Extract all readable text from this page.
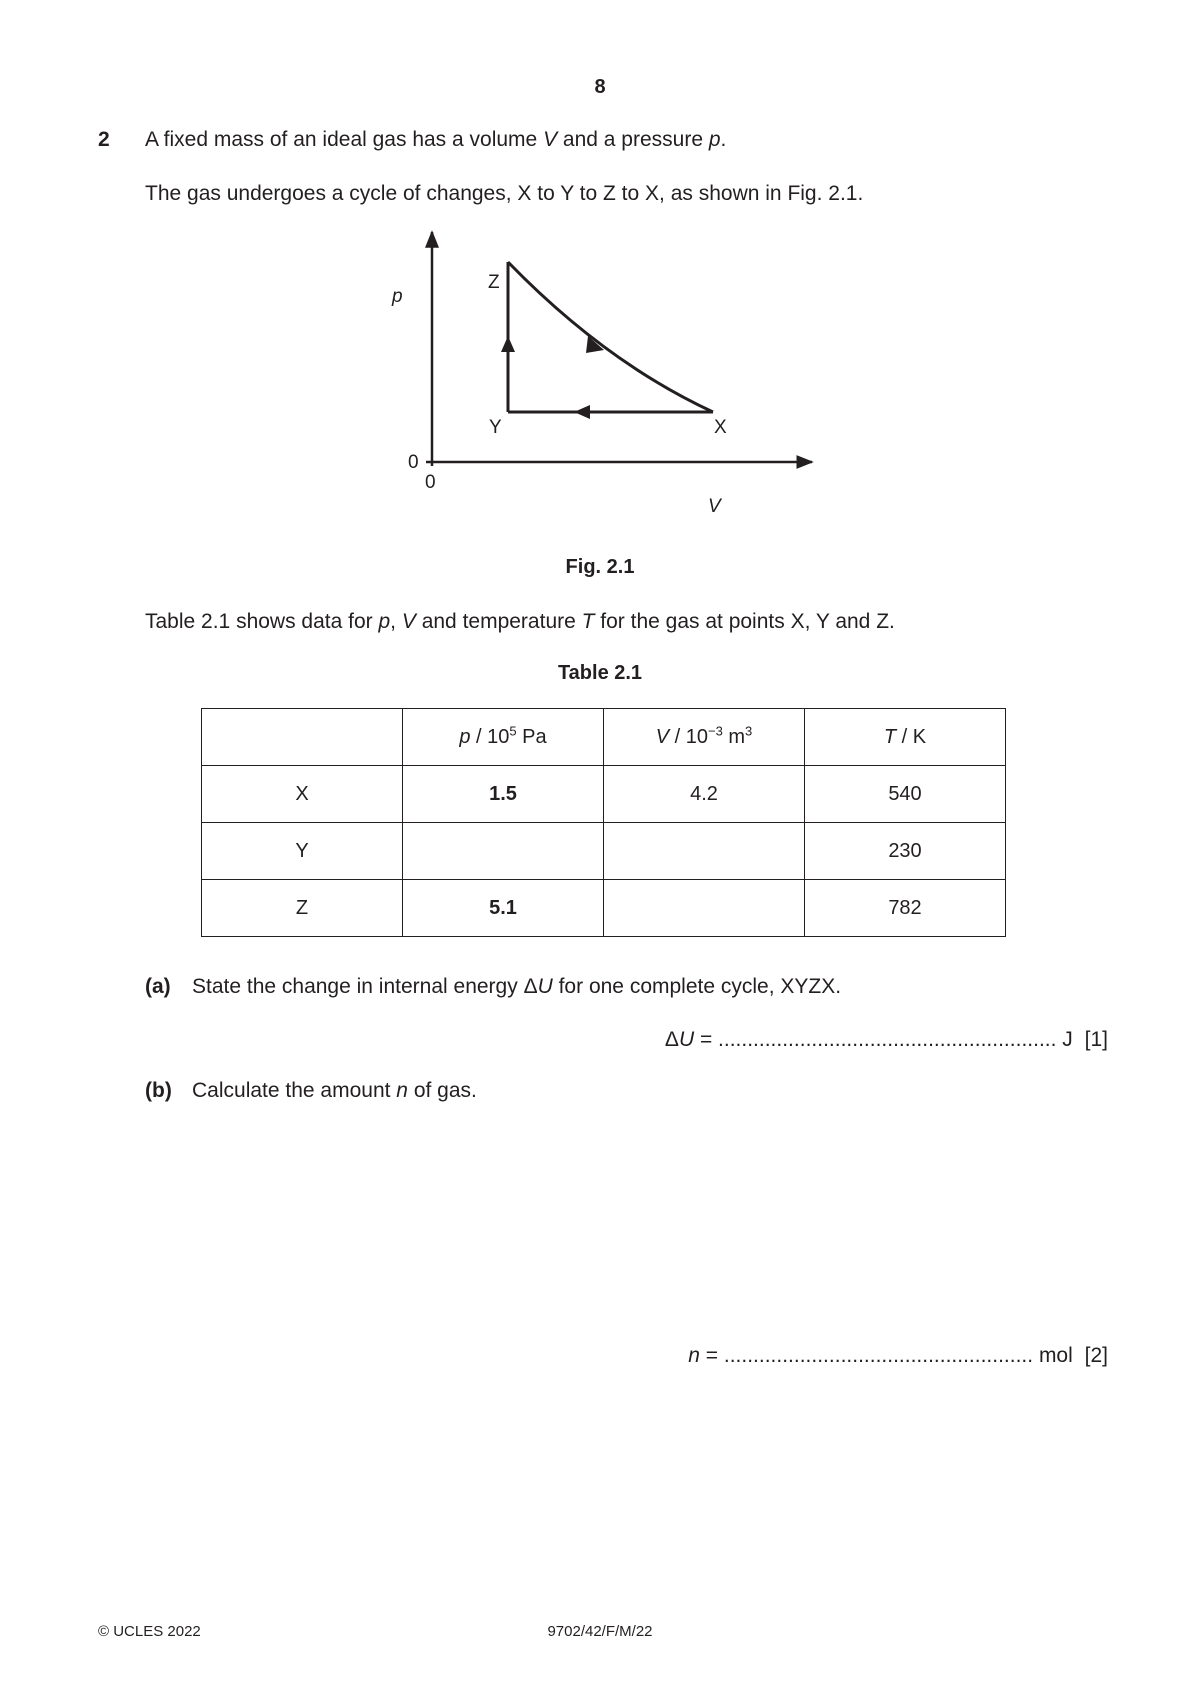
8
2 A fixed mass of an ideal gas has a volume V and a pressure p.
The gas undergoes a cycle of changes, X to Y to Z to X, as shown in Fig. 2.1.
p
V
0
0
Z
Y	X
Fig. 2.1
Table 2.1 shows data for p, V and temperature T for the gas at points X, Y and Z.
Table 2.1
	p / $10^5$ Pa	V / $10^{-3}$ $m^3$	T / K
X	1.5	4.2	540
Y			230
Z	5.1		782
(a) State the change in internal energy ΔU for one complete cycle, XYZX.
ΔU = .......................................................... J [1]
(b) Calculate the amount n of gas.
n = ..................................................... mol [2]
© UCLES 2022	9702/42/F/M/22
